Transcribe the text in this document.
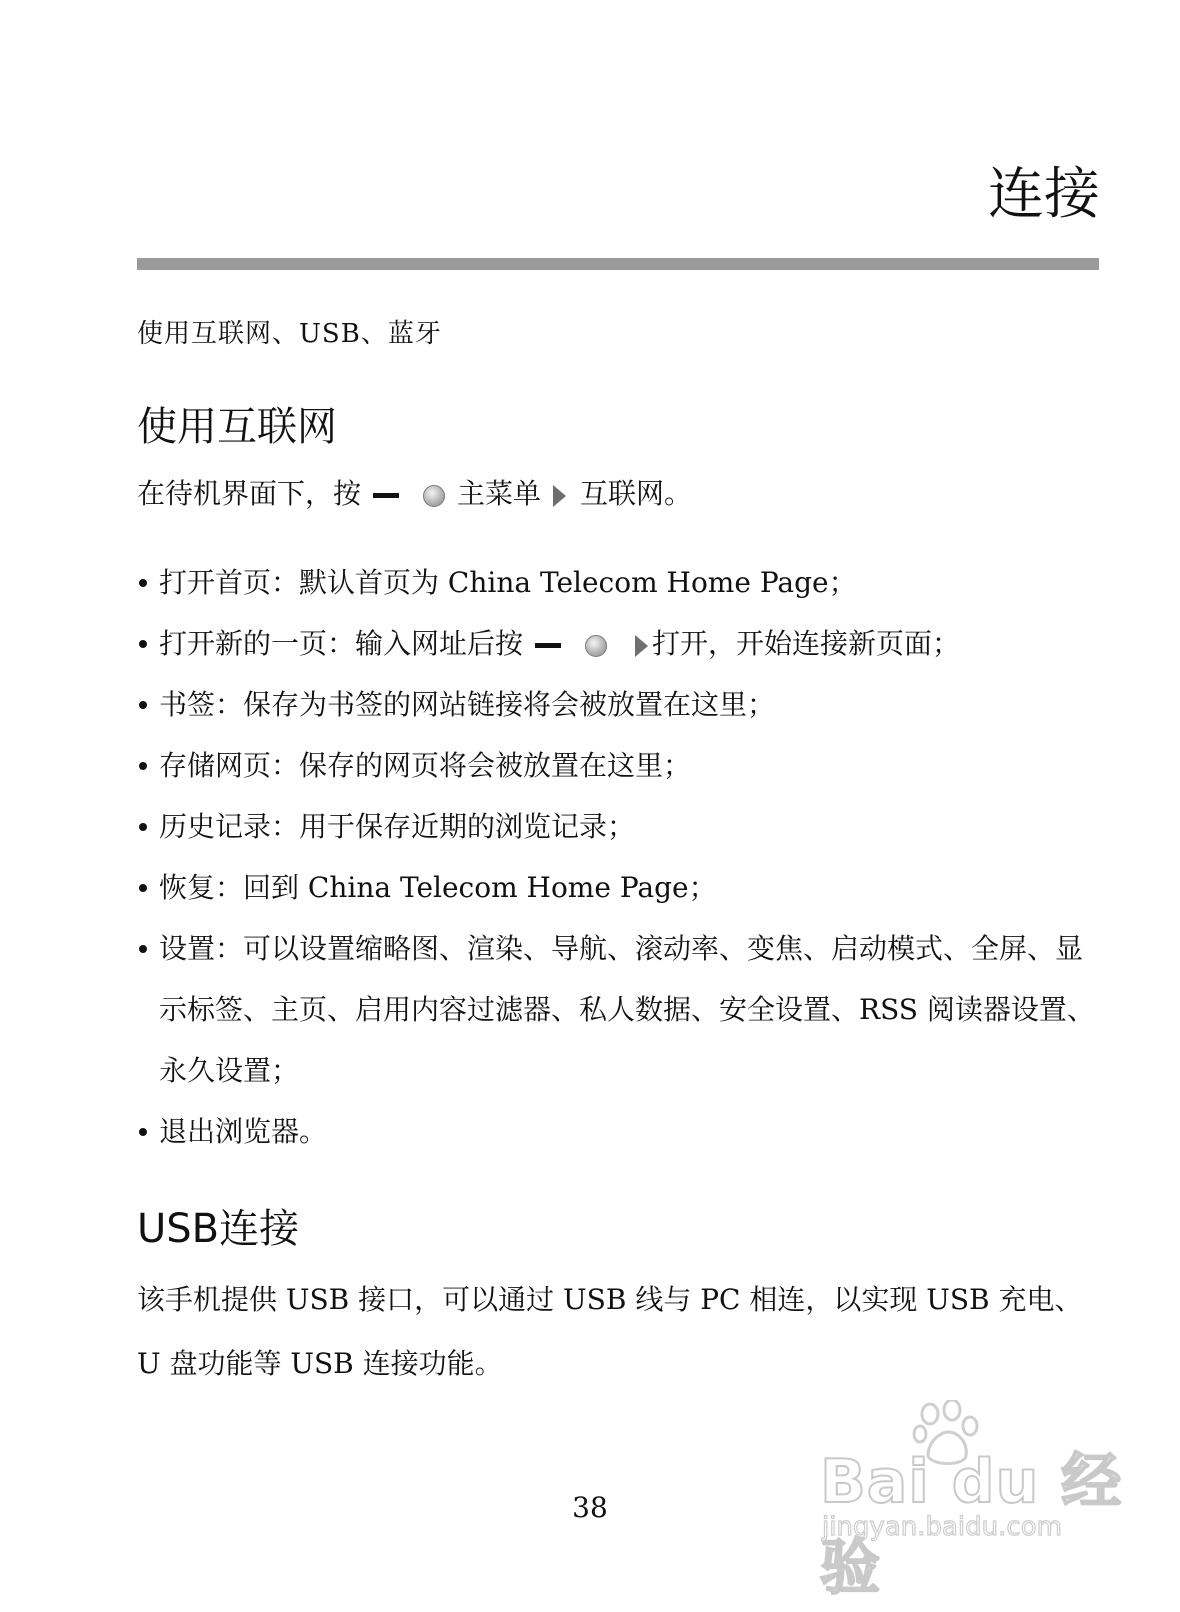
连接
使用互联网、USB、蓝牙
使用互联网
在待机界面下，按	主菜单 互联网。
打开首页：默认首页为 China Telecom Home Page；
打开新的一页：输入网址后按	打开，开始连接新页面；
书签：保存为书签的网站链接将会被放置在这里；
存储网页：保存的网页将会被放置在这里；
历史记录：用于保存近期的浏览记录；
恢复：回到 China Telecom Home Page；
设置：可以设置缩略图、渲染、导航、滚动率、变焦、启动模式、全屏、显示标签、主页、启用内容过滤器、私人数据、安全设置、RSS 阅读器设置、永久设置；
退出浏览器。
USB连接
该手机提供 USB 接口，可以通过 USB 线与 PC 相连，以实现 USB 充电、U 盘功能等 USB 连接功能。
38	Bai du 经验
jingyan.baidu.com
